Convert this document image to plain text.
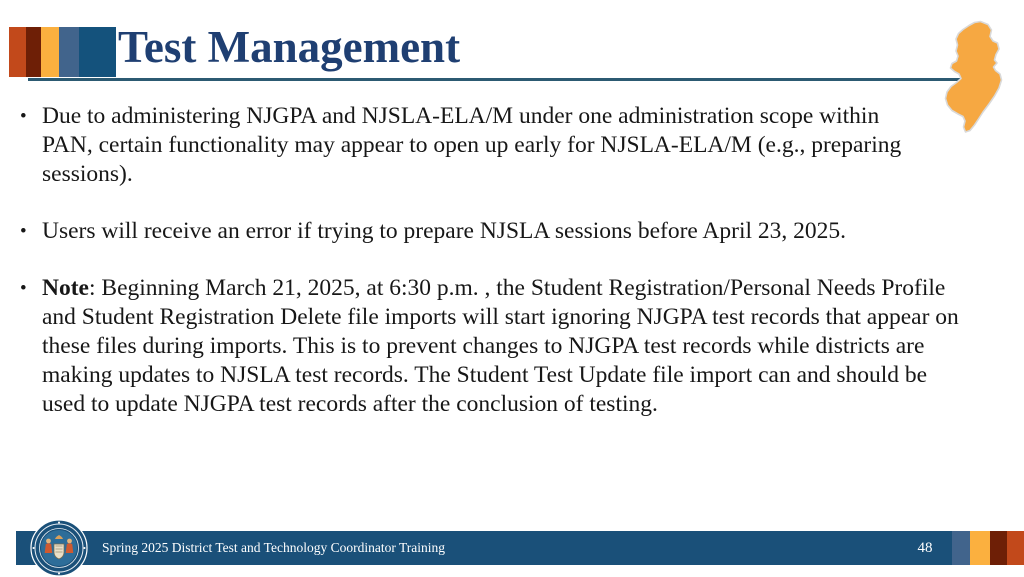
Test Management
• Due to administering NJGPA and NJSLA-ELA/M under one administration scope within PAN, certain functionality may appear to open up early for NJSLA-ELA/M (e.g., preparing sessions).
• Users will receive an error if trying to prepare NJSLA sessions before April 23, 2025.
• Note: Beginning March 21, 2025, at 6:30 p.m. , the Student Registration/Personal Needs Profile and Student Registration Delete file imports will start ignoring NJGPA test records that appear on these files during imports. This is to prevent changes to NJGPA test records while districts are making updates to NJSLA test records. The Student Test Update file import can and should be used to update NJGPA test records after the conclusion of testing.
Spring 2025 District Test and Technology Coordinator Training	48
